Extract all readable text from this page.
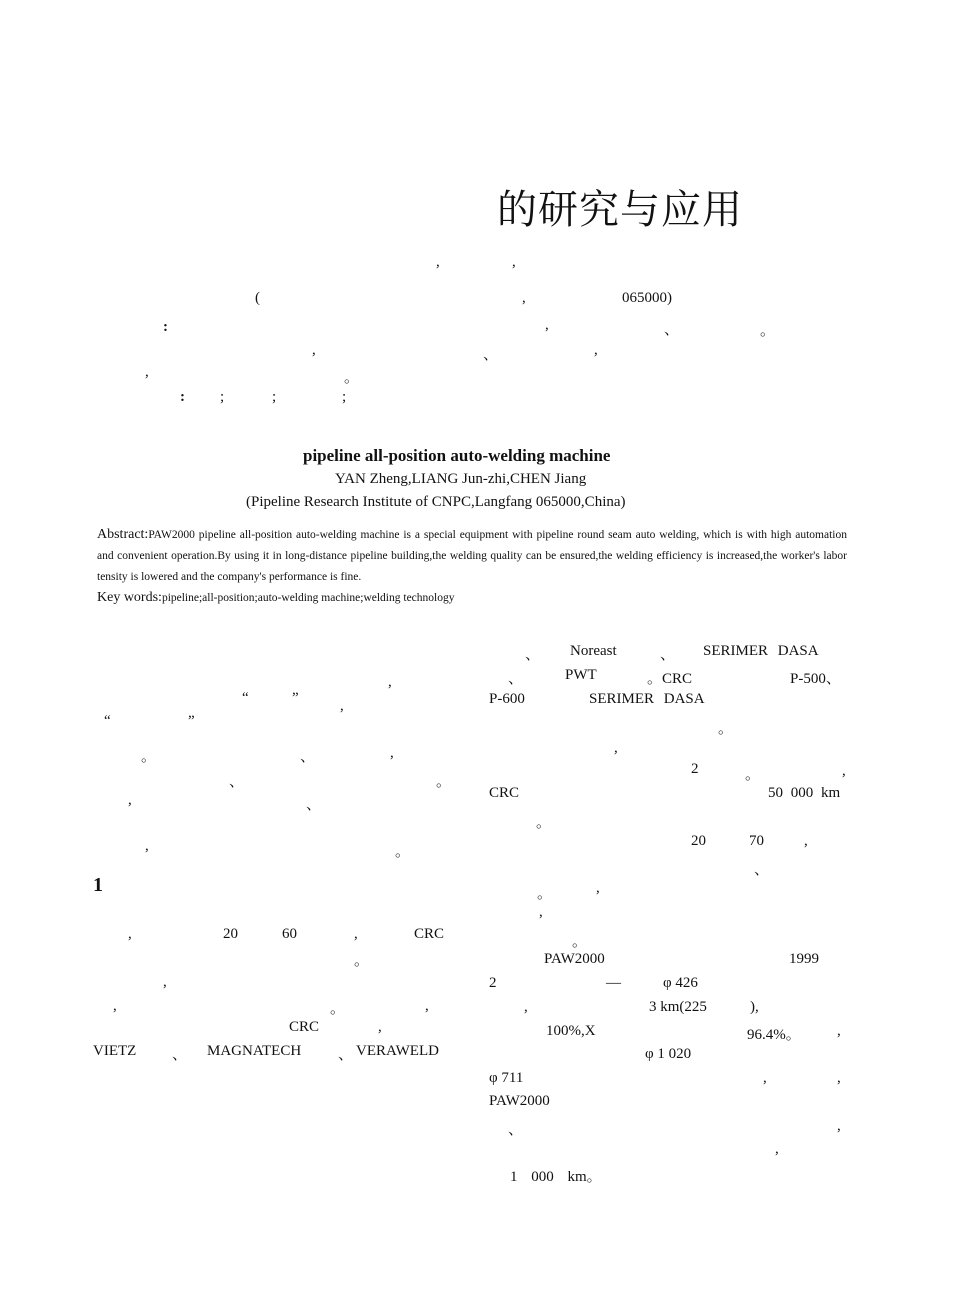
的研究与应用
,	,
(	,	065000)
:	,	、	。
,	、	,
,	。
: ;	;	;
pipeline all-position auto-welding machine
YAN Zheng,LIANG Jun-zhi,CHEN Jiang
(Pipeline Research Institute of CNPC,Langfang 065000,China)
Abstract:PAW2000 pipeline all-position auto-welding machine is a special equipment with pipeline round seam auto welding, which is with high automation and convenient operation.By using it in long-distance pipeline building,the welding quality can be ensured,the welding efficiency is increased,the worker's labor tensity is lowered and the company's performance is fine.
Key words:pipeline;all-position;auto-welding machine;welding technology
,
“	”	,
“	”
。	、	,
、	。
,	、
,	。
1
,	20	60	,	CRC
。
,
,	。	,
CRC	,
VIETZ 、 MAGNATECH 、 VERAWELD
、 Noreast	、 SERIMER DASA
、	PWT	。CRC	P-500、
P-600	SERIMER DASA
。
,
2	。	,
CRC	50 000 km
。
20	70	,
、
。	,
,
。
PAW2000	1999
2	—	φ 426
,	3 km(225	),
100%,X	96.4%。 ,
φ 1 020
φ 711	,	,
PAW2000
、	,
,
1 000 km。
